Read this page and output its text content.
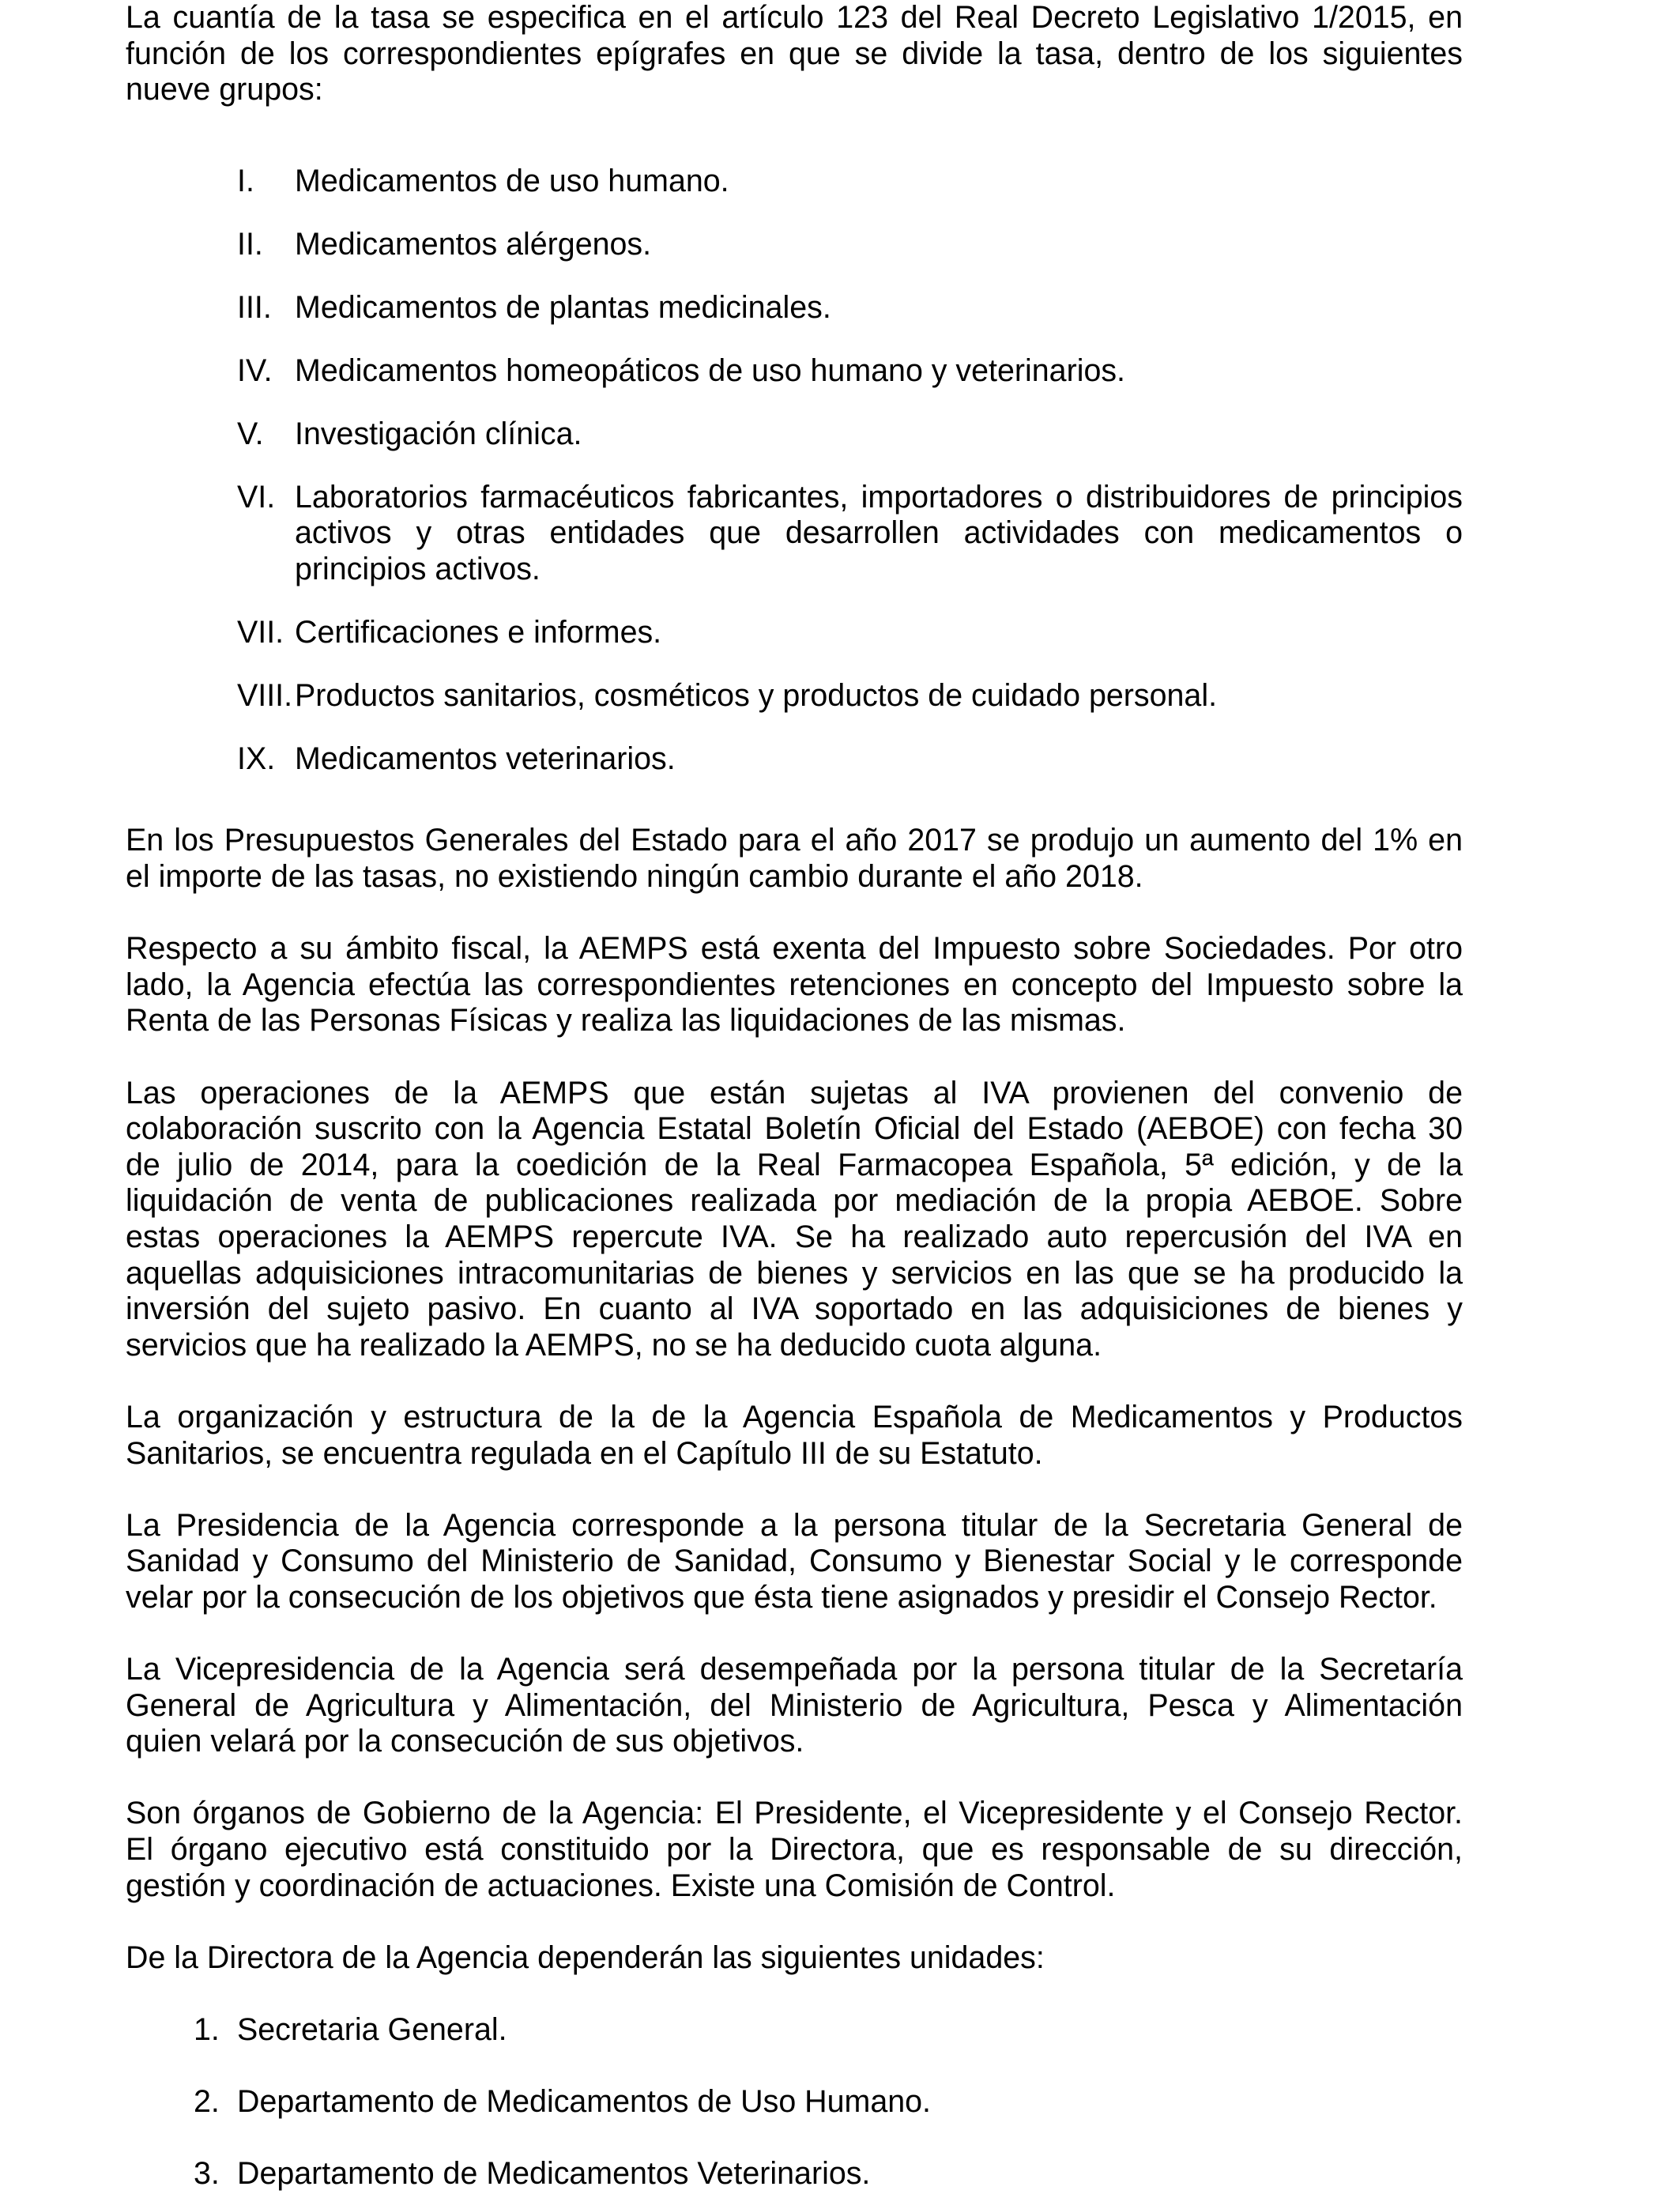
La cuantía de la tasa se especifica en el artículo 123 del Real Decreto Legislativo 1/2015, en
función de los correspondientes epígrafes en que se divide la tasa, dentro de los siguientes
nueve grupos:
I. Medicamentos de uso humano.
II. Medicamentos alérgenos.
III. Medicamentos de plantas medicinales.
IV. Medicamentos homeopáticos de uso humano y veterinarios.
V. Investigación clínica.
VI. Laboratorios farmacéuticos fabricantes, importadores o distribuidores de principios
activos y otras entidades que desarrollen actividades con medicamentos o
principios activos.
VII. Certificaciones e informes.
VIII. Productos sanitarios, cosméticos y productos de cuidado personal.
IX. Medicamentos veterinarios.
En los Presupuestos Generales del Estado para el año 2017 se produjo un aumento del 1% en
el importe de las tasas, no existiendo ningún cambio durante el año 2018.
Respecto a su ámbito fiscal, la AEMPS está exenta del Impuesto sobre Sociedades. Por otro
lado, la Agencia efectúa las correspondientes retenciones en concepto del Impuesto sobre la
Renta de las Personas Físicas y realiza las liquidaciones de las mismas.
Las operaciones de la AEMPS que están sujetas al IVA provienen del convenio de
colaboración suscrito con la Agencia Estatal Boletín Oficial del Estado (AEBOE) con fecha 30
de julio de 2014, para la coedición de la Real Farmacopea Española, 5ª edición, y de la
liquidación de venta de publicaciones realizada por mediación de la propia AEBOE. Sobre
estas operaciones la AEMPS repercute IVA. Se ha realizado auto repercusión del IVA en
aquellas adquisiciones intracomunitarias de bienes y servicios en las que se ha producido la
inversión del sujeto pasivo. En cuanto al IVA soportado en las adquisiciones de bienes y
servicios que ha realizado la AEMPS, no se ha deducido cuota alguna.
La organización y estructura de la de la Agencia Española de Medicamentos y Productos
Sanitarios, se encuentra regulada en el Capítulo III de su Estatuto.
La Presidencia de la Agencia corresponde a la persona titular de la Secretaria General de
Sanidad y Consumo del Ministerio de Sanidad, Consumo y Bienestar Social y le corresponde
velar por la consecución de los objetivos que ésta tiene asignados y presidir el Consejo Rector.
La Vicepresidencia de la Agencia será desempeñada por la persona titular de la Secretaría
General de Agricultura y Alimentación, del Ministerio de Agricultura, Pesca y Alimentación
quien velará por la consecución de sus objetivos.
Son órganos de Gobierno de la Agencia: El Presidente, el Vicepresidente y el Consejo Rector.
El órgano ejecutivo está constituido por la Directora, que es responsable de su dirección,
gestión y coordinación de actuaciones. Existe una Comisión de Control.
De la Directora de la Agencia dependerán las siguientes unidades:
1. Secretaria General.
2. Departamento de Medicamentos de Uso Humano.
3. Departamento de Medicamentos Veterinarios.
